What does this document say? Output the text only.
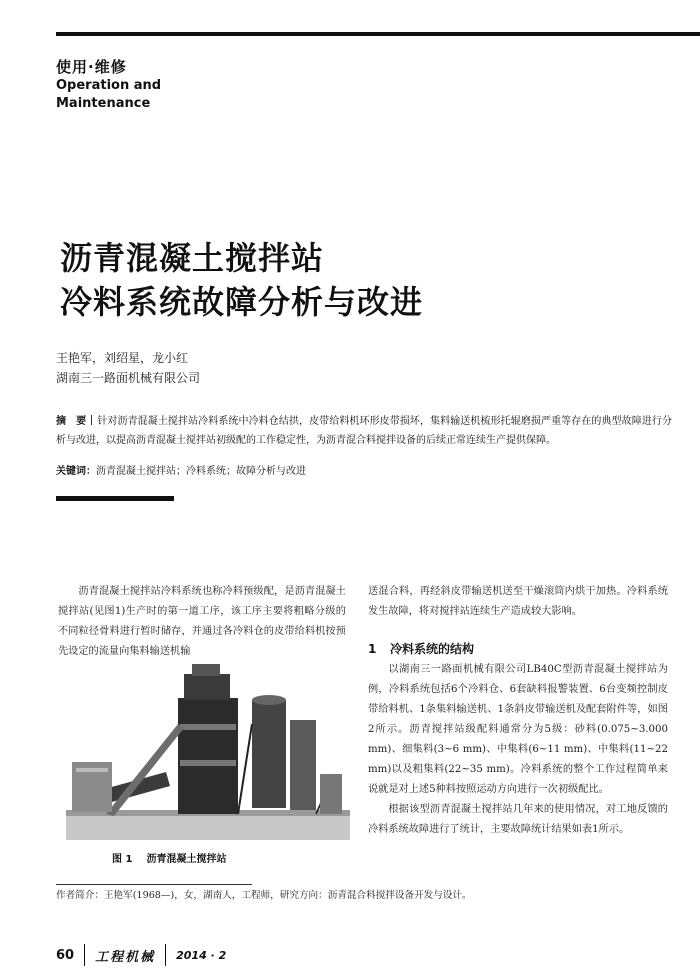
使用·维修
Operation and
Maintenance
沥青混凝土搅拌站
冷料系统故障分析与改进
王艳军，刘绍星，龙小红
湖南三一路面机械有限公司
摘　要 针对沥青混凝土搅拌站冷料系统中冷料仓结拱，皮带给料机环形皮带损坏，集料输送机梳形托辊磨损严重等存在的典型故障进行分析与改进，以提高沥青混凝土搅拌站初级配的工作稳定性，为沥青混合料搅拌设备的后续正常连续生产提供保障。
关键词：沥青混凝土搅拌站；冷料系统；故障分析与改进
沥青混凝土搅拌站冷料系统也称冷料预级配，是沥青混凝土搅拌站(见图1)生产时的第一道工序，该工序主要将粗略分级的不同粒径骨料进行暂时储存，并通过各冷料仓的皮带给料机按预先设定的流量向集料输送机输
送混合料，再经斜皮带输送机送至干燥滚筒内烘干加热。冷料系统发生故障，将对搅拌站连续生产造成较大影响。
1 冷料系统的结构
以湖南三一路面机械有限公司LB40C型沥青混凝土搅拌站为例，冷料系统包括6个冷料仓、6套缺料报警装置、6台变频控制皮带给料机、1条集料输送机、1条斜皮带输送机及配套附件等，如图2所示。沥青搅拌站级配料通常分为5级：砂料(0.075~3.000 mm)、细集料(3~6 mm)、中集料(6~11 mm)、中集料(11~22 mm)以及粗集料(22~35 mm)。冷料系统的整个工作过程简单来说就是对上述5种料按照运动方向进行一次初级配比。
根据该型沥青混凝土搅拌站几年来的使用情况，对工地反馈的冷料系统故障进行了统计，主要故障统计结果如表1所示。
图 1 沥青混凝土搅拌站
作者简介：王艳军(1968—)，女，湖南人，工程师，研究方向：沥青混合料搅拌设备开发与设计。
60 工程机械 2014 · 2
